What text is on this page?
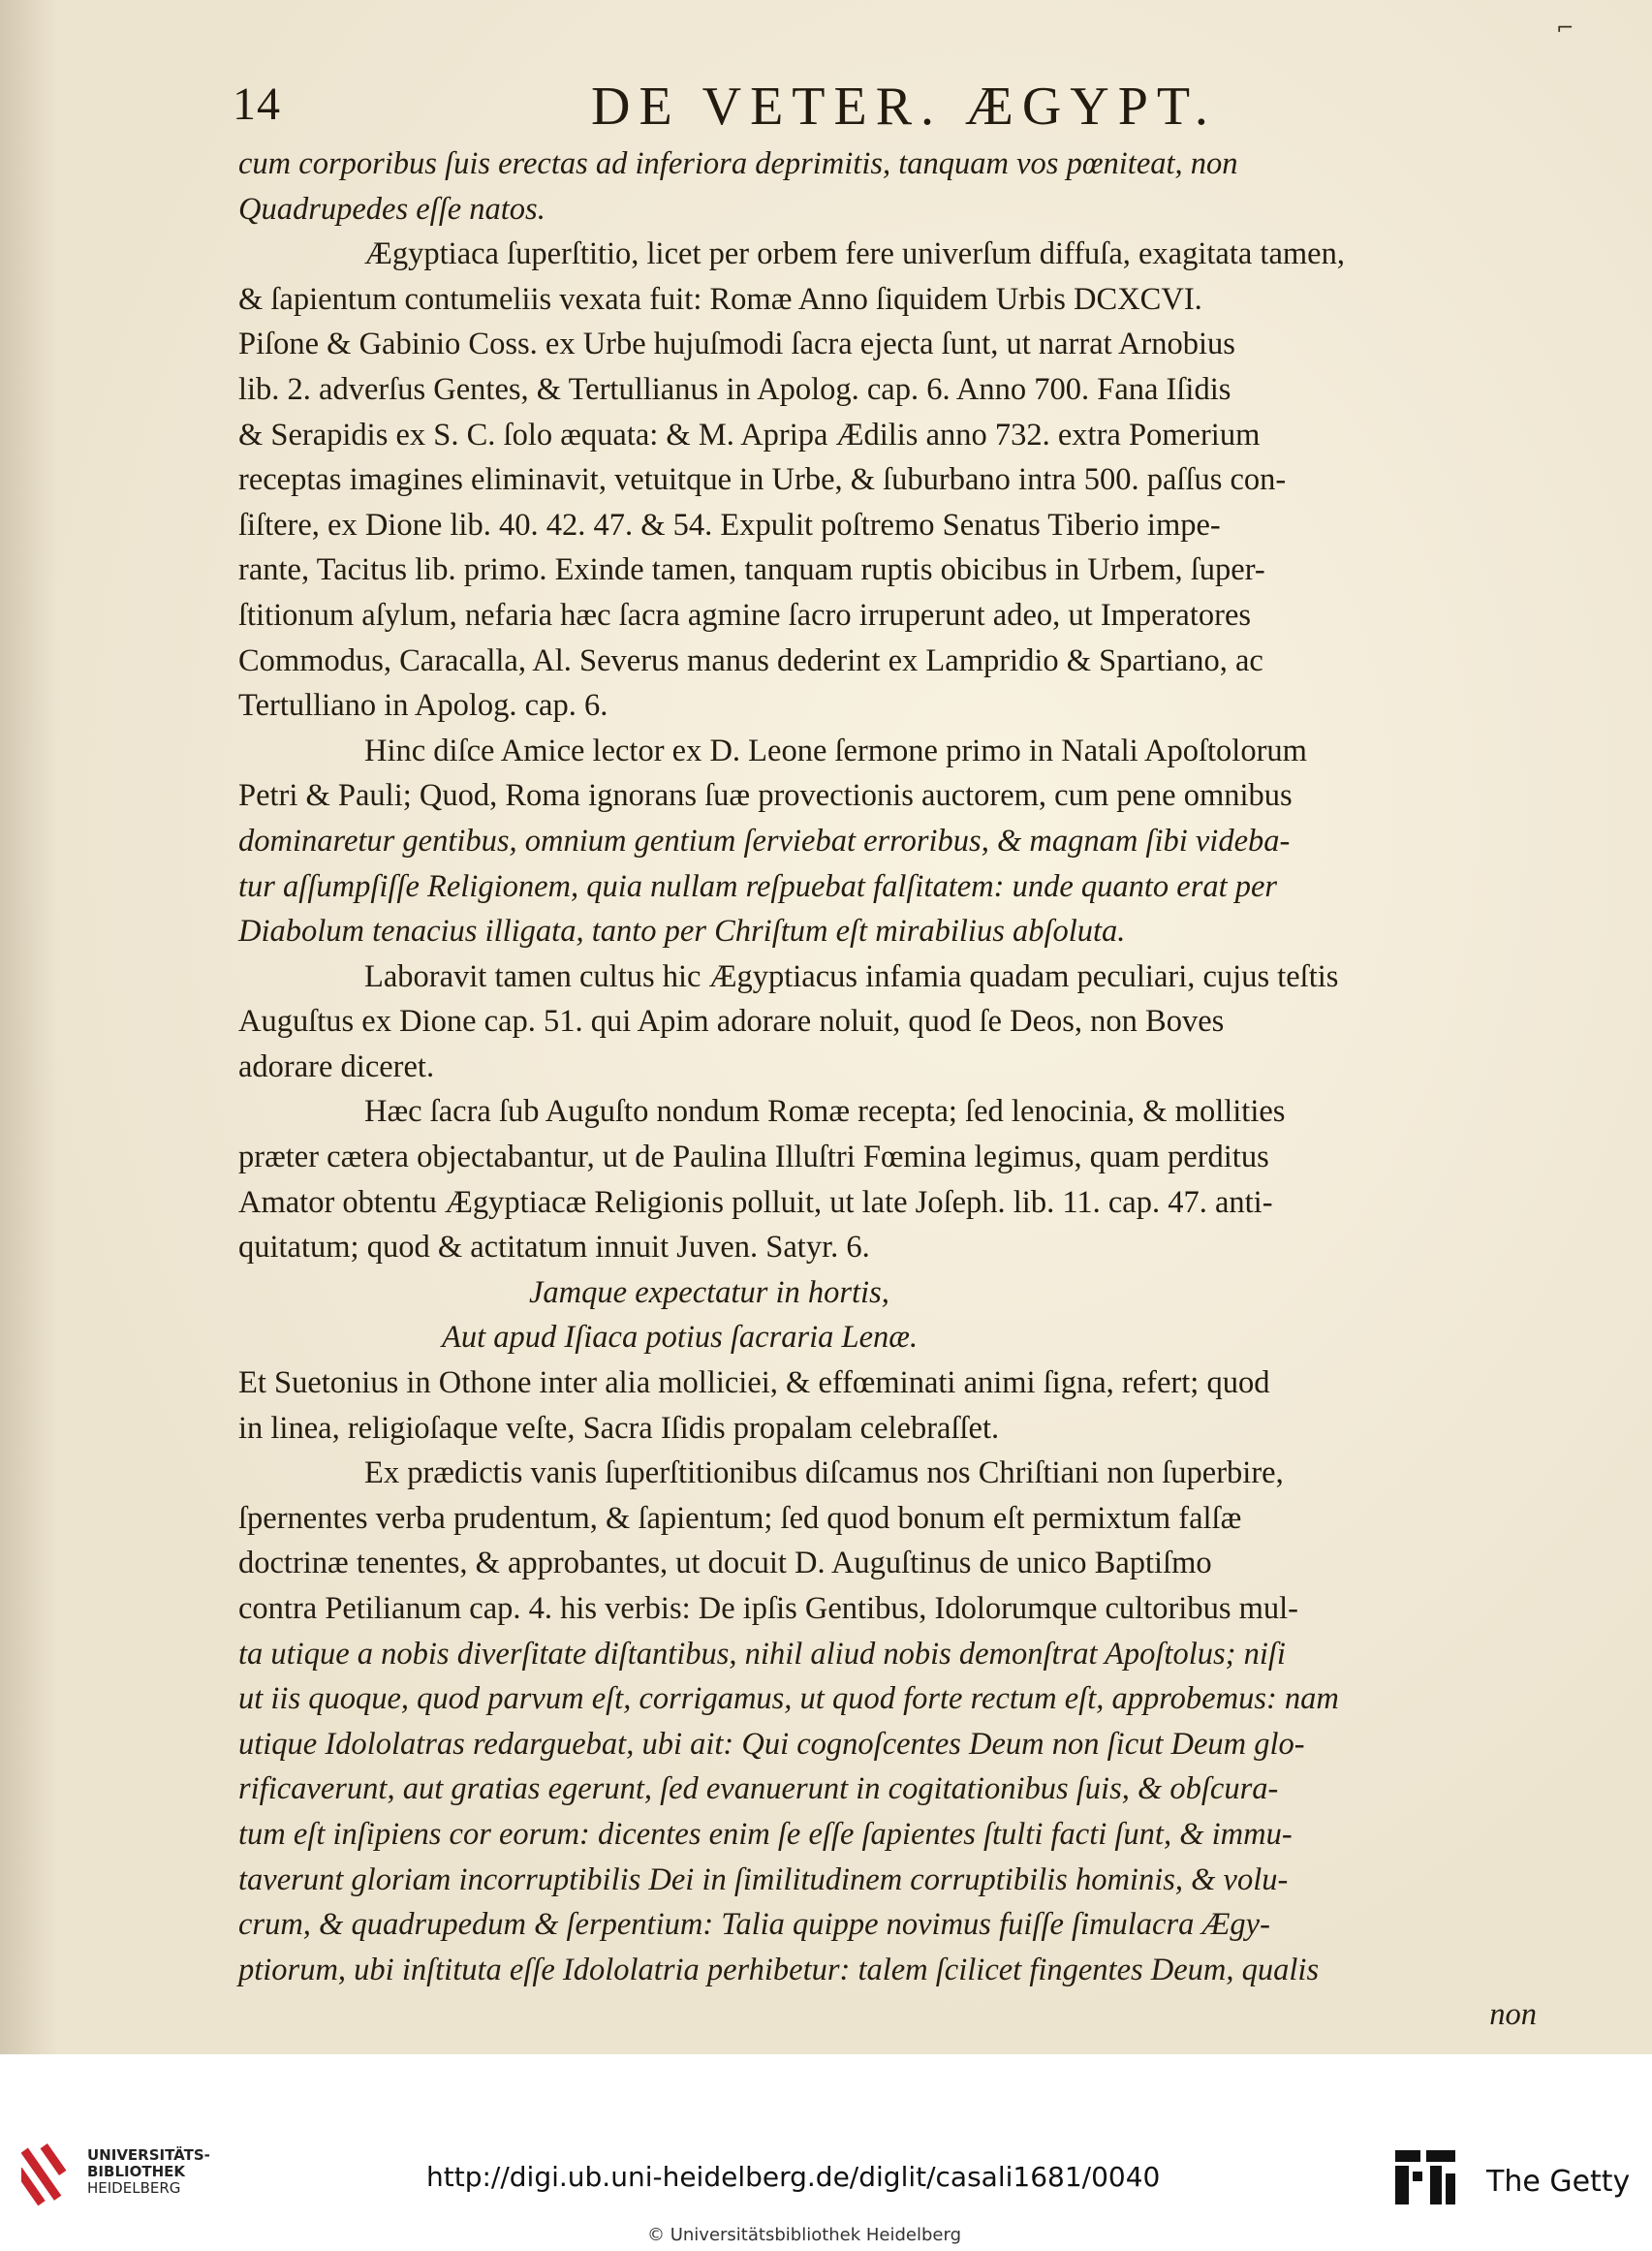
⌐
14	DE VETER. ÆGYPT.
cum corporibus ſuis erectas ad inferiora deprimitis, tanquam vos pœniteat, non
Quadrupedes eſſe natos.
Ægyptiaca ſuperſtitio, licet per orbem fere univerſum diffuſa, exagitata tamen,
& ſapientum contumeliis vexata fuit: Romæ Anno ſiquidem Urbis DCXCVI.
Piſone & Gabinio Coss. ex Urbe hujuſmodi ſacra ejecta ſunt, ut narrat Arnobius
lib. 2. adverſus Gentes, & Tertullianus in Apolog. cap. 6. Anno 700. Fana Iſidis
& Serapidis ex S. C. ſolo æquata: & M. Apripa Ædilis anno 732. extra Pomerium
receptas imagines eliminavit, vetuitque in Urbe, & ſuburbano intra 500. paſſus con-
ſiſtere, ex Dione lib. 40. 42. 47. & 54. Expulit poſtremo Senatus Tiberio impe-
rante, Tacitus lib. primo. Exinde tamen, tanquam ruptis obicibus in Urbem, ſuper-
ſtitionum aſylum, nefaria hæc ſacra agmine ſacro irruperunt adeo, ut Imperatores
Commodus, Caracalla, Al. Severus manus dederint ex Lampridio & Spartiano, ac
Tertulliano in Apolog. cap. 6.
Hinc diſce Amice lector ex D. Leone ſermone primo in Natali Apoſtolorum
Petri & Pauli; Quod, Roma ignorans ſuæ provectionis auctorem, cum pene omnibus
dominaretur gentibus, omnium gentium ſerviebat erroribus, & magnam ſibi videba-
tur aſſumpſiſſe Religionem, quia nullam reſpuebat falſitatem: unde quanto erat per
Diabolum tenacius illigata, tanto per Chriſtum eſt mirabilius abſoluta.
Laboravit tamen cultus hic Ægyptiacus infamia quadam peculiari, cujus teſtis
Auguſtus ex Dione cap. 51. qui Apim adorare noluit, quod ſe Deos, non Boves
adorare diceret.
Hæc ſacra ſub Auguſto nondum Romæ recepta; ſed lenocinia, & mollities
præter cætera objectabantur, ut de Paulina Illuſtri Fœmina legimus, quam perditus
Amator obtentu Ægyptiacæ Religionis polluit, ut late Joſeph. lib. 11. cap. 47. anti-
quitatum; quod & actitatum innuit Juven. Satyr. 6.
Jamque expectatur in hortis,
Aut apud Iſiaca potius ſacraria Lenæ.
Et Suetonius in Othone inter alia molliciei, & effœminati animi ſigna, refert; quod
in linea, religioſaque veſte, Sacra Iſidis propalam celebraſſet.
Ex prædictis vanis ſuperſtitionibus diſcamus nos Chriſtiani non ſuperbire,
ſpernentes verba prudentum, & ſapientum; ſed quod bonum eſt permixtum falſæ
doctrinæ tenentes, & approbantes, ut docuit D. Auguſtinus de unico Baptiſmo
contra Petilianum cap. 4. his verbis: De ipſis Gentibus, Idolorumque cultoribus mul-
ta utique a nobis diverſitate diſtantibus, nihil aliud nobis demonſtrat Apoſtolus; niſi
ut iis quoque, quod parvum eſt, corrigamus, ut quod forte rectum eſt, approbemus: nam
utique Idololatras redarguebat, ubi ait: Qui cognoſcentes Deum non ſicut Deum glo-
rificaverunt, aut gratias egerunt, ſed evanuerunt in cogitationibus ſuis, & obſcura-
tum eſt inſipiens cor eorum: dicentes enim ſe eſſe ſapientes ſtulti facti ſunt, & immu-
taverunt gloriam incorruptibilis Dei in ſimilitudinem corruptibilis hominis, & volu-
crum, & quadrupedum & ſerpentium: Talia quippe novimus fuiſſe ſimulacra Ægy-
ptiorum, ubi inſtituta eſſe Idololatria perhibetur: talem ſcilicet fingentes Deum, qualis
non
UNIVERSITÄTS-
BIBLIOTHEK
HEIDELBERG	http://digi.ub.uni-heidelberg.de/diglit/casali1681/0040
© Universitätsbibliothek Heidelberg
The Getty
